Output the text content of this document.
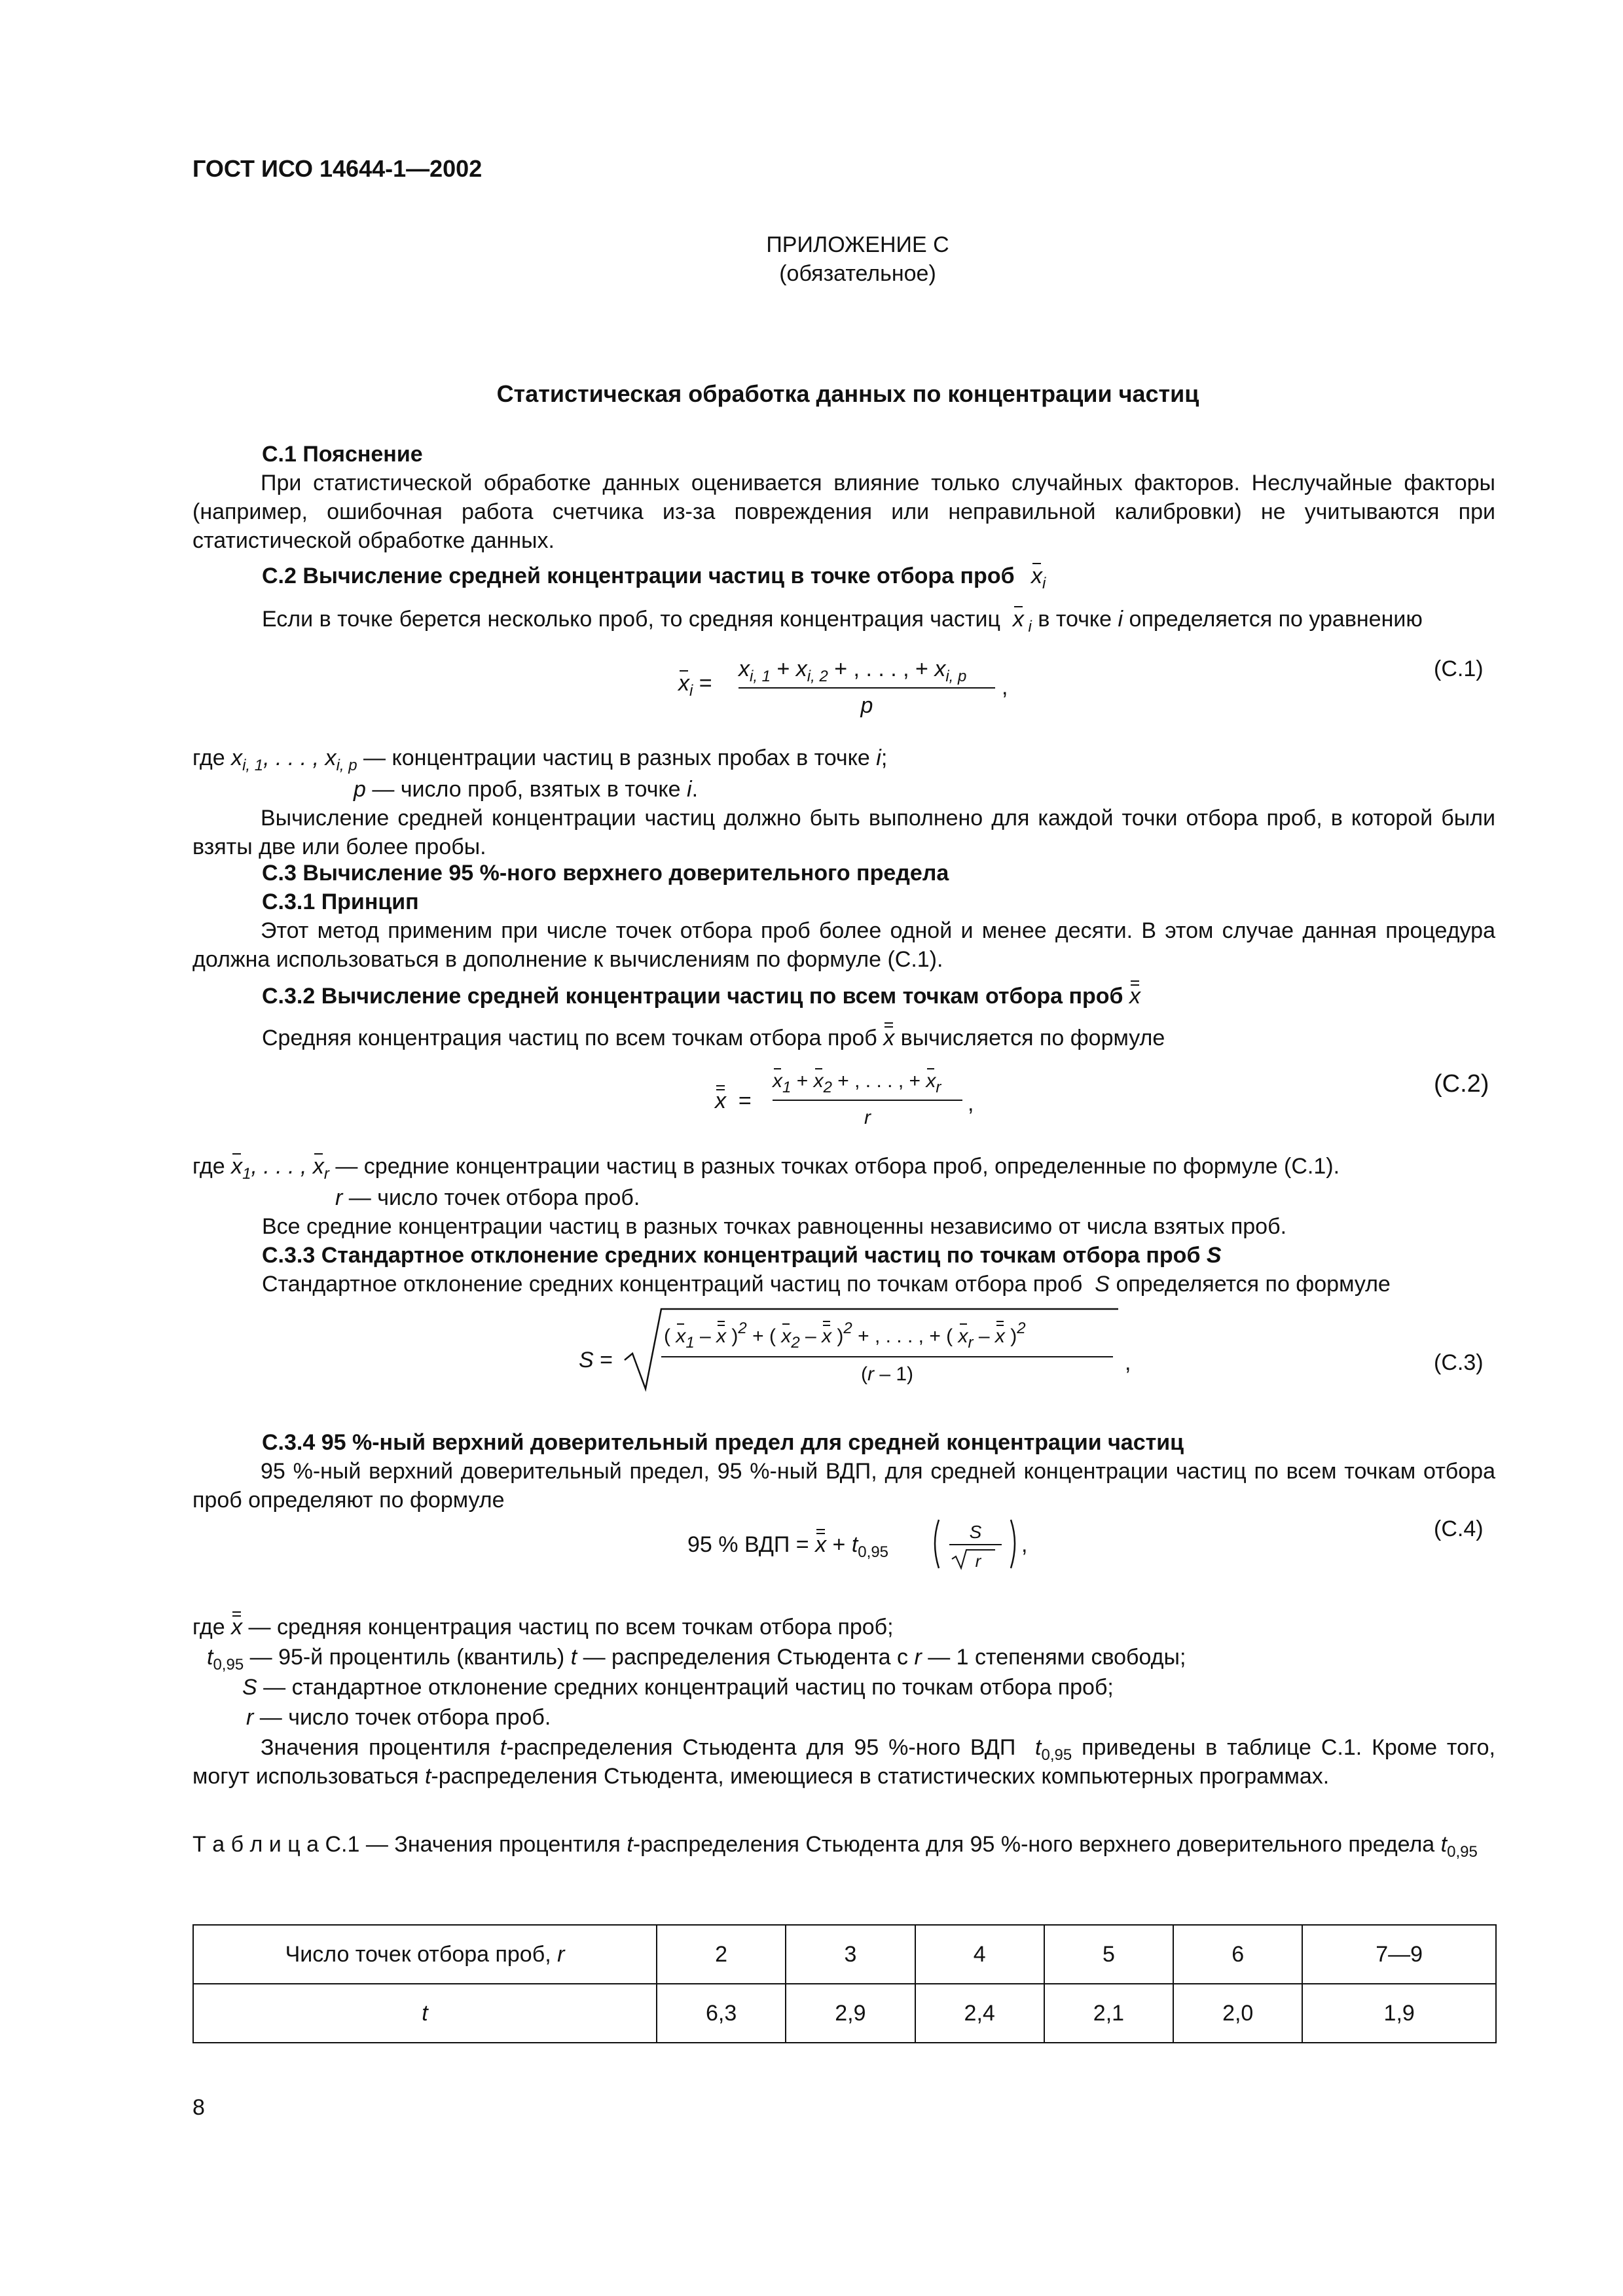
ГОСТ ИСО 14644-1—2002
ПРИЛОЖЕНИЕ С
(обязательное)
Статистическая обработка данных по концентрации частиц
С.1 Пояснение
При статистической обработке данных оценивается влияние только случайных факторов. Неслучайные факторы (например, ошибочная работа счетчика из-за повреждения или неправильной калибровки) не учитываются при статистической обработке данных.
С.2 Вычисление средней концентрации частиц в точке отбора проб $x_i$
Если в точке берется несколько проб, то средняя концентрация частиц x $_i$ в точке i определяется по уравнению
$x_i$ =
$x_{i, 1} + x_{i, 2}$ + , . . . , + $x_{i, p}$
p
,
(С.1)
где $x_{i, 1}$, . . . , $x_{i, p}$ — концентрации частиц в разных пробах в точке i;
p — число проб, взятых в точке i.
Вычисление средней концентрации частиц должно быть выполнено для каждой точки отбора проб, в которой были взяты две или более пробы.
С.3 Вычисление 95 %-ного верхнего доверительного предела
С.3.1 Принцип
Этот метод применим при числе точек отбора проб более одной и менее десяти. В этом случае данная процедура должна использоваться в дополнение к вычислениям по формуле (С.1).
С.3.2 Вычисление средней концентрации частиц по всем точкам отбора проб x
Средняя концентрация частиц по всем точкам отбора проб x вычисляется по формуле
x =
$x_1 + x_2$ + , . . . , + $x_r$
r
,
(С.2)
где $x_1$, . . . , $x_r$ — средние концентрации частиц в разных точках отбора проб, определенные по формуле (С.1).
r — число точек отбора проб.
Все средние концентрации частиц в разных точках равноценны независимо от числа взятых проб.
С.3.3 Стандартное отклонение средних концентраций частиц по точкам отбора проб S
Стандартное отклонение средних концентраций частиц по точкам отбора проб  S определяется по формуле
S =
( $x_1$ – x )$^2$ + ( $x_2$ – x )$^2$ + , . . . , + ( $x_r$ – x )$^2$
(r – 1)	,	(С.3)
С.3.4 95 %-ный верхний доверительный предел для средней концентрации частиц
95 %-ный верхний доверительный предел, 95 %-ный ВДП, для средней концентрации частиц по всем точкам отбора проб определяют по формуле
95 % ВДП = $x + t_{0,95}$
S
r
,
(С.4)
где x — средняя концентрация частиц по всем точкам отбора проб;
$t_{0,95}$ — 95-й процентиль (квантиль) t — распределения Стьюдента с r — 1 степенями свободы;
S — стандартное отклонение средних концентраций частиц по точкам отбора проб;
r — число точек отбора проб.
Значения процентиля t-распределения Стьюдента для 95 %-ного ВДП  $t_{0,95}$ приведены в таблице С.1. Кроме того, могут использоваться t-распределения Стьюдента, имеющиеся в статистических компьютерных программах.
Т а б л и ц а С.1 — Значения процентиля t-распределения Стьюдента для 95 %-ного верхнего доверительного предела $t_{0,95}$
Число точек отбора проб, r	2	3	4	5	6	7—9
t	6,3	2,9	2,4	2,1	2,0	1,9
8
